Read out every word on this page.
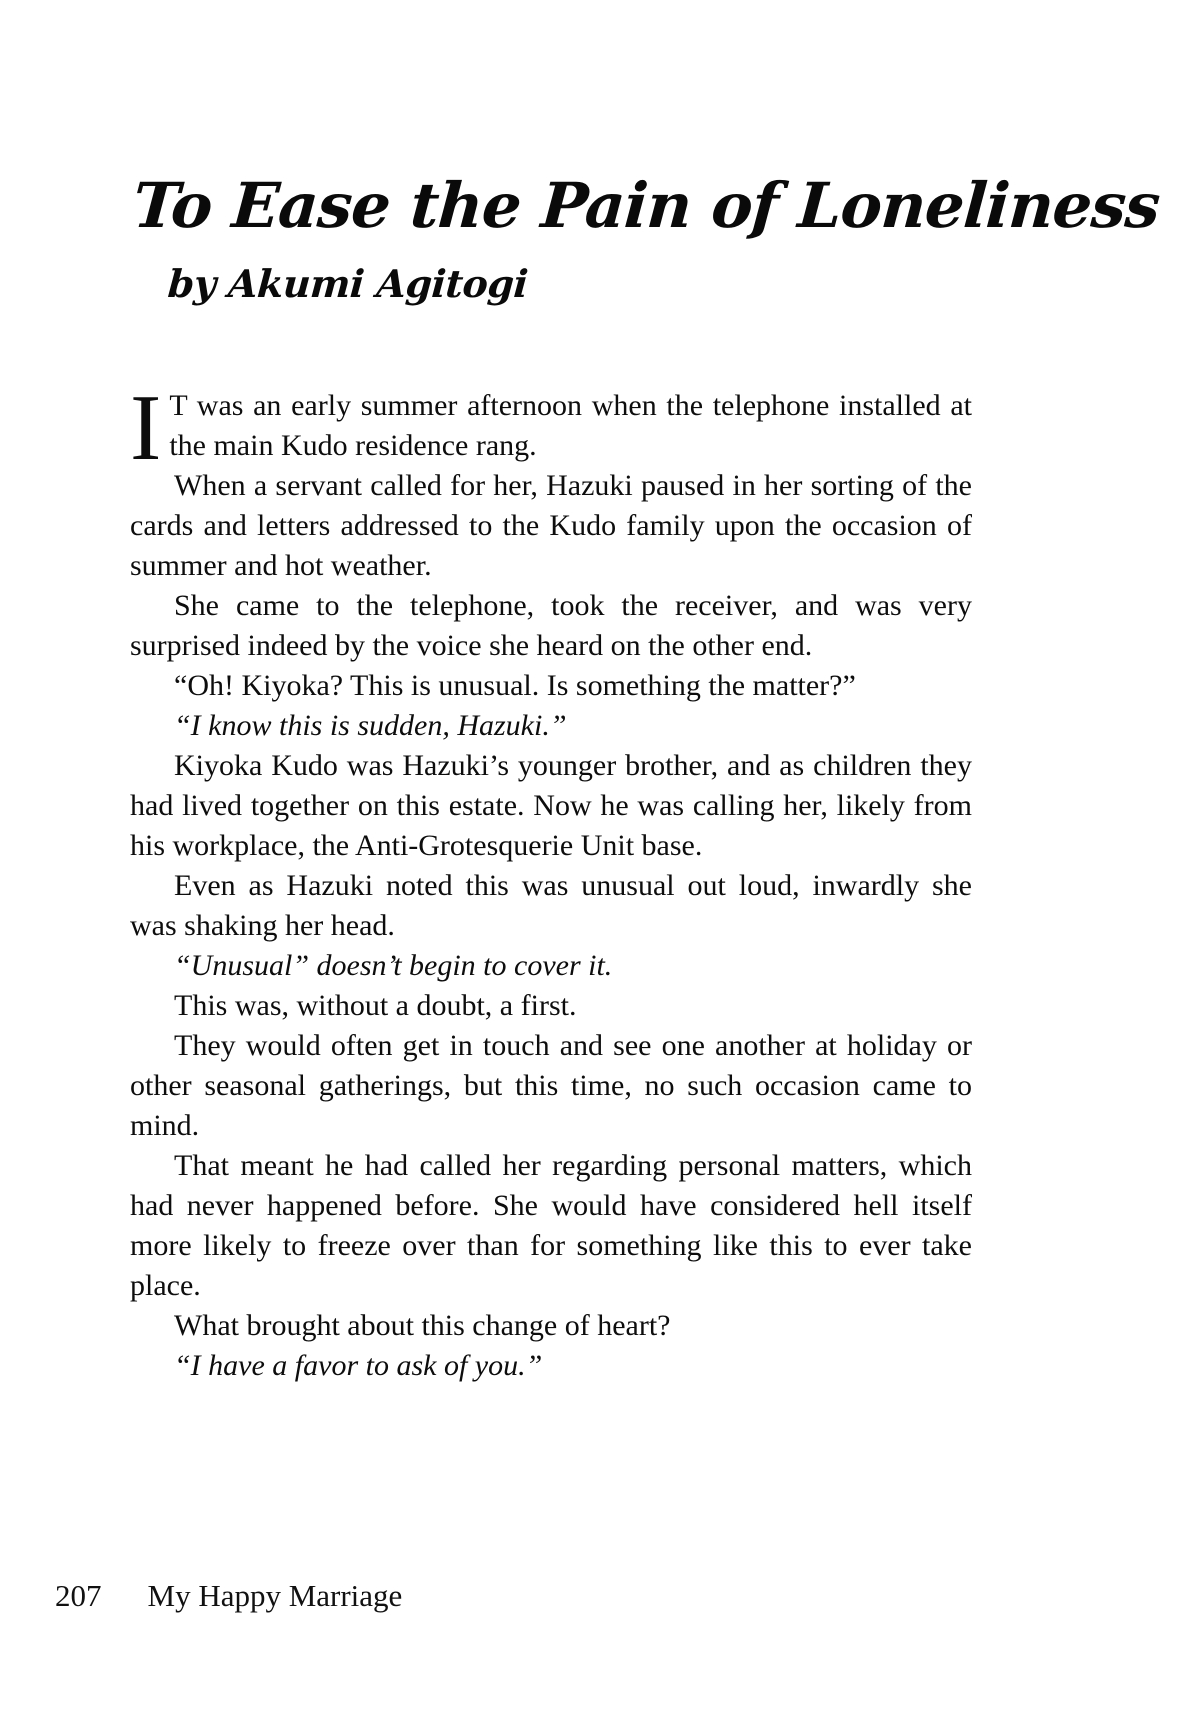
To Ease the Pain of Loneliness
by Akumi Agitogi

I T was an early summer afternoon when the telephone installed at the main Kudo residence rang.

When a servant called for her, Hazuki paused in her sorting of the cards and letters addressed to the Kudo family upon the occasion of summer and hot weather.

She came to the telephone, took the receiver, and was very surprised indeed by the voice she heard on the other end.

“Oh! Kiyoka? This is unusual. Is something the matter?”

“I know this is sudden, Hazuki.”

Kiyoka Kudo was Hazuki’s younger brother, and as children they had lived together on this estate. Now he was calling her, likely from his workplace, the Anti-Grotesquerie Unit base.

Even as Hazuki noted this was unusual out loud, inwardly she was shaking her head.

“Unusual” doesn’t begin to cover it.

This was, without a doubt, a first.

They would often get in touch and see one another at holiday or other seasonal gatherings, but this time, no such occasion came to mind.

That meant he had called her regarding personal matters, which had never happened before. She would have considered hell itself more likely to freeze over than for something like this to ever take place.

What brought about this change of heart?

“I have a favor to ask of you.”

207 My Happy Marriage
